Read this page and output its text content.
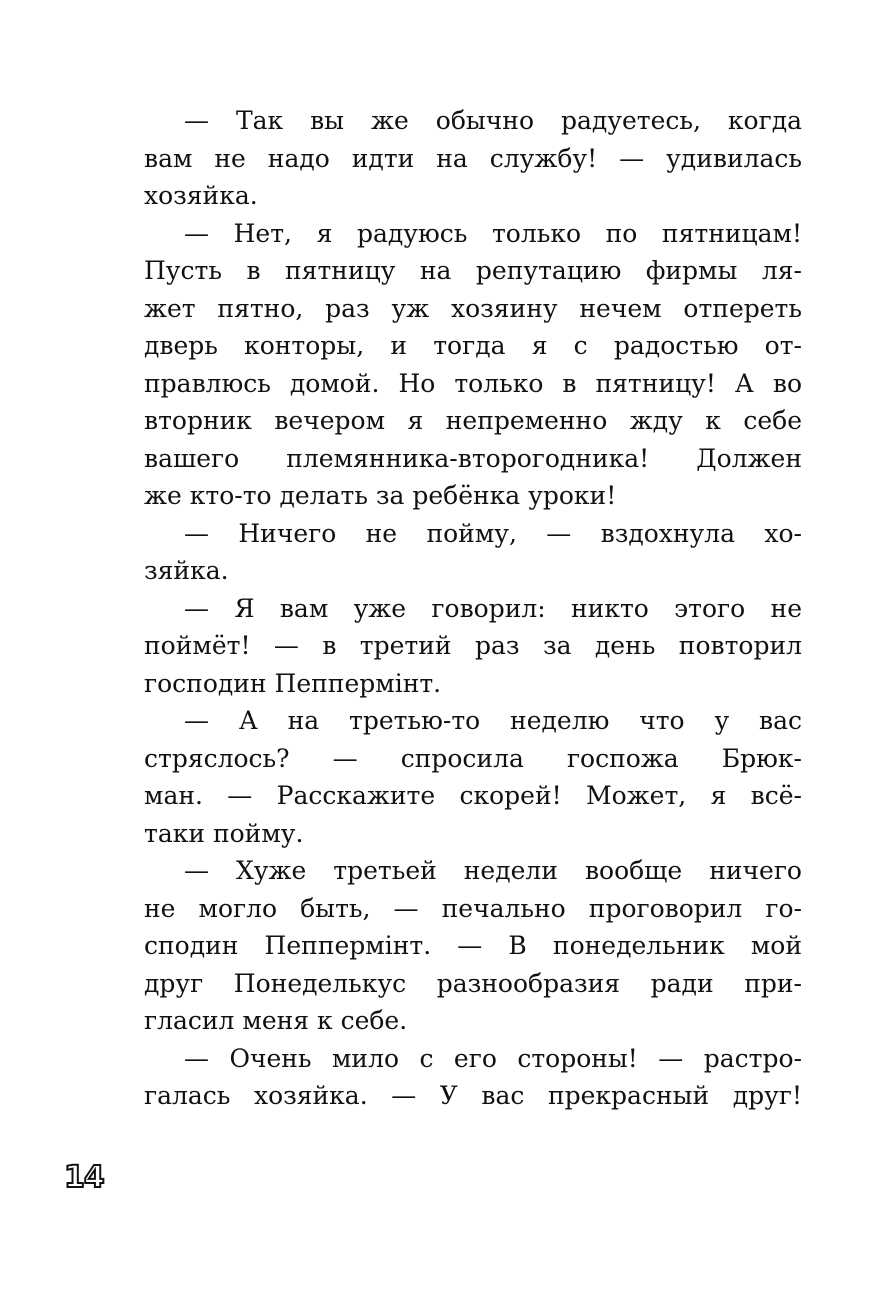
— Так вы же обычно радуетесь, когда
вам не надо идти на службу! — удивилась
хозяйка.
— Нет, я радуюсь только по пятницам!
Пусть в пятницу на репутацию фирмы ля-
жет пятно, раз уж хозяину нечем отпереть
дверь конторы, и тогда я с радостью от-
правлюсь домой. Но только в пятницу! А во
вторник вечером я непременно жду к себе
вашего племянника-второгодника! Должен
же кто-то делать за ребёнка уроки!
— Ничего не пойму, — вздохнула хо-
зяйка.
— Я вам уже говорил: никто этого не
поймёт! — в третий раз за день повторил
господин Пеппермінт.
— А на третью-то неделю что у вас
стряслось? — спросила госпожа Брюк-
ман. — Расскажите скорей! Может, я всё-
таки пойму.
— Хуже третьей недели вообще ничего
не могло быть, — печально проговорил го-
сподин Пеппермінт. — В понедельник мой
друг Понеделькус разнообразия ради при-
гласил меня к себе.
— Очень мило с его стороны! — растро-
галась хозяйка. — У вас прекрасный друг!
14
